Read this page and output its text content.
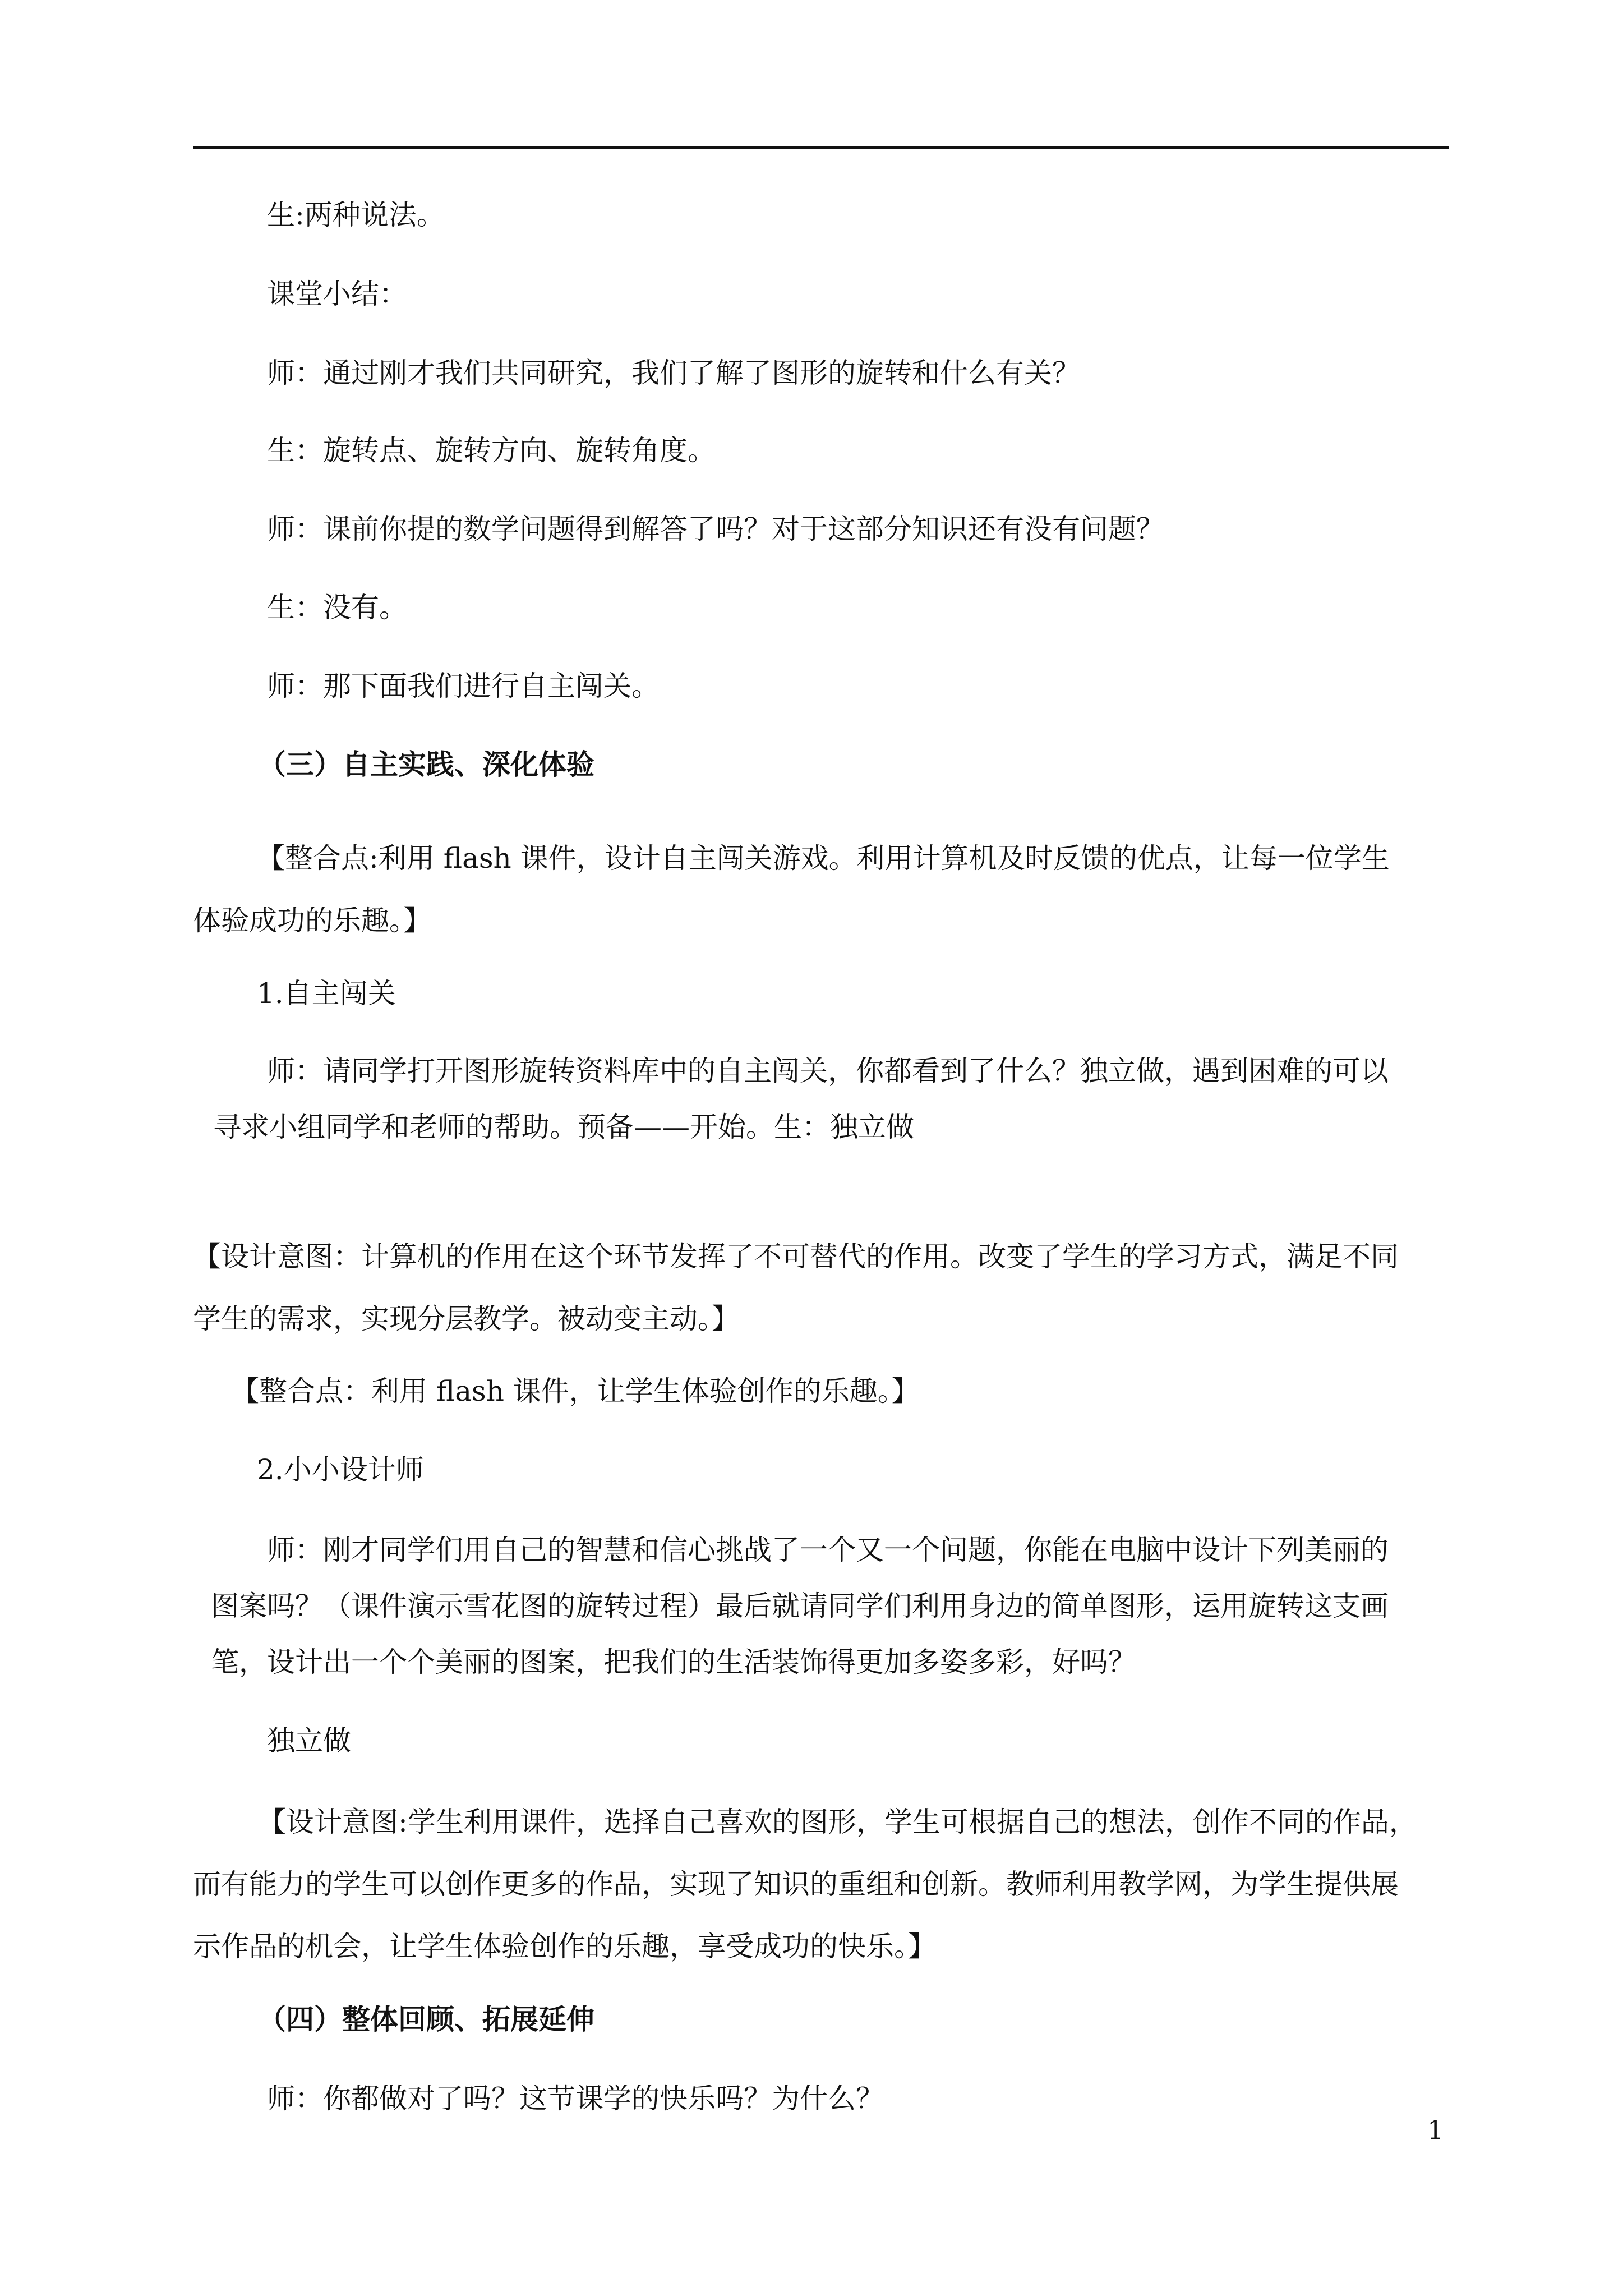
生:两种说法。

课堂小结：

师：通过刚才我们共同研究，我们了解了图形的旋转和什么有关？

生：旋转点、旋转方向、旋转角度。

师：课前你提的数学问题得到解答了吗？对于这部分知识还有没有问题？

生：没有。

师：那下面我们进行自主闯关。

（三）自主实践、深化体验

【整合点:利用 flash 课件，设计自主闯关游戏。利用计算机及时反馈的优点，让每一位学生

体验成功的乐趣。】

1.自主闯关

师：请同学打开图形旋转资料库中的自主闯关，你都看到了什么？独立做，遇到困难的可以

寻求小组同学和老师的帮助。预备——开始。生：独立做

【设计意图：计算机的作用在这个环节发挥了不可替代的作用。改变了学生的学习方式，满足不同

学生的需求，实现分层教学。被动变主动。】

【整合点：利用 flash 课件，让学生体验创作的乐趣。】

2.小小设计师

师：刚才同学们用自己的智慧和信心挑战了一个又一个问题，你能在电脑中设计下列美丽的

图案吗？（课件演示雪花图的旋转过程）最后就请同学们利用身边的简单图形，运用旋转这支画

笔，设计出一个个美丽的图案，把我们的生活装饰得更加多姿多彩，好吗？

独立做

【设计意图:学生利用课件，选择自己喜欢的图形，学生可根据自己的想法，创作不同的作品，

而有能力的学生可以创作更多的作品，实现了知识的重组和创新。教师利用教学网，为学生提供展

示作品的机会，让学生体验创作的乐趣，享受成功的快乐。】

（四）整体回顾、拓展延伸

师：你都做对了吗？这节课学的快乐吗？为什么？

1
